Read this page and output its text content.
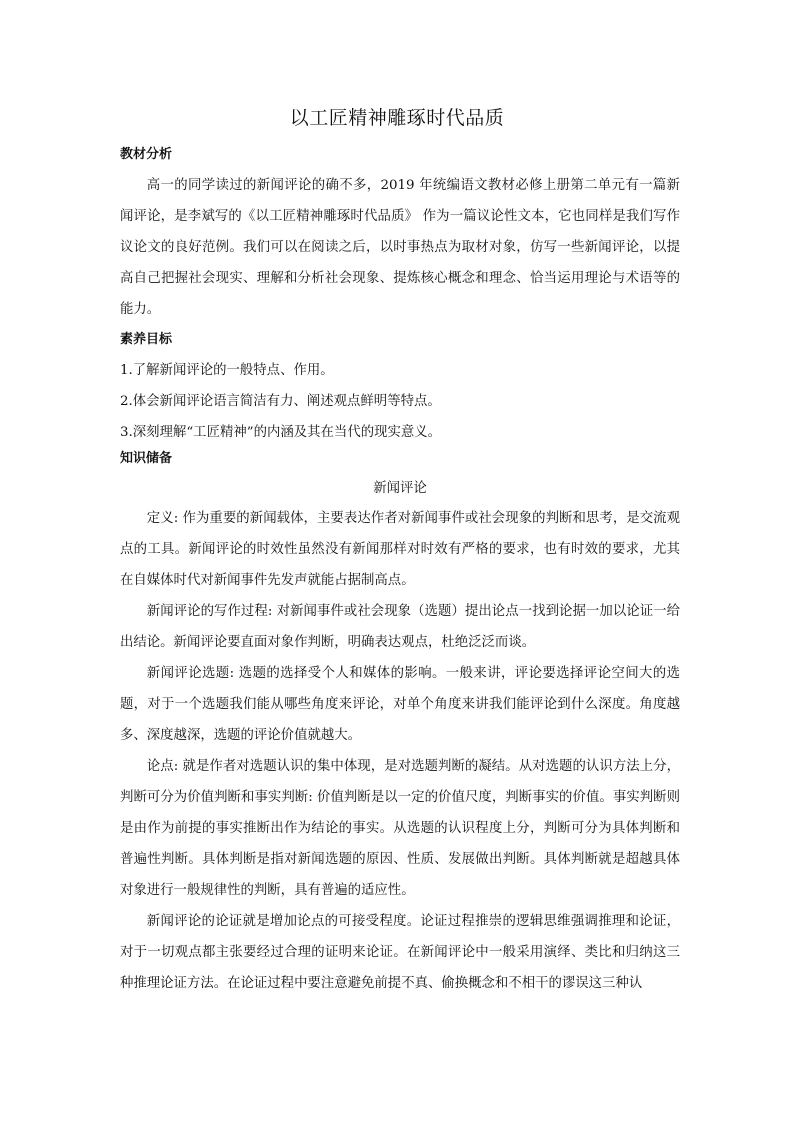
以工匠精神雕琢时代品质
教材分析

高一的同学读过的新闻评论的确不多，2019 年统编语文教材必修上册第二单元有一篇新闻评论，是李斌写的《以工匠精神雕琢时代品质》 作为一篇议论性文本，它也同样是我们写作议论文的良好范例。我们可以在阅读之后，以时事热点为取材对象，仿写一些新闻评论，以提高自己把握社会现实、理解和分析社会现象、提炼核心概念和理念、恰当运用理论与术语等的能力。

素养目标

1.了解新闻评论的一般特点、作用。

2.体会新闻评论语言简洁有力、阐述观点鲜明等特点。

3.深刻理解“工匠精神”的内涵及其在当代的现实意义。

知识储备

新闻评论

定义: 作为重要的新闻载体，主要表达作者对新闻事件或社会现象的判断和思考，是交流观点的工具。新闻评论的时效性虽然没有新闻那样对时效有严格的要求，也有时效的要求，尤其在自媒体时代对新闻事件先发声就能占据制高点。

新闻评论的写作过程: 对新闻事件或社会现象（选题）提出论点一找到论据一加以论证一给出结论。新闻评论要直面对象作判断，明确表达观点，杜绝泛泛而谈。

新闻评论选题: 选题的选择受个人和媒体的影响。一般来讲，评论要选择评论空间大的选题，对于一个选题我们能从哪些角度来评论，对单个角度来讲我们能评论到什么深度。角度越多、深度越深，选题的评论价值就越大。

论点: 就是作者对选题认识的集中体现，是对选题判断的凝结。从对选题的认识方法上分，判断可分为价值判断和事实判断: 价值判断是以一定的价值尺度，判断事实的价值。事实判断则是由作为前提的事实推断出作为结论的事实。从选题的认识程度上分，判断可分为具体判断和普遍性判断。具体判断是指对新闻选题的原因、性质、发展做出判断。具体判断就是超越具体对象进行一般规律性的判断，具有普遍的适应性。

新闻评论的论证就是增加论点的可接受程度。论证过程推崇的逻辑思维强调推理和论证，对于一切观点都主张要经过合理的证明来论证。在新闻评论中一般采用演绎、类比和归纳这三种推理论证方法。在论证过程中要注意避免前提不真、偷换概念和不相干的谬误这三种认
